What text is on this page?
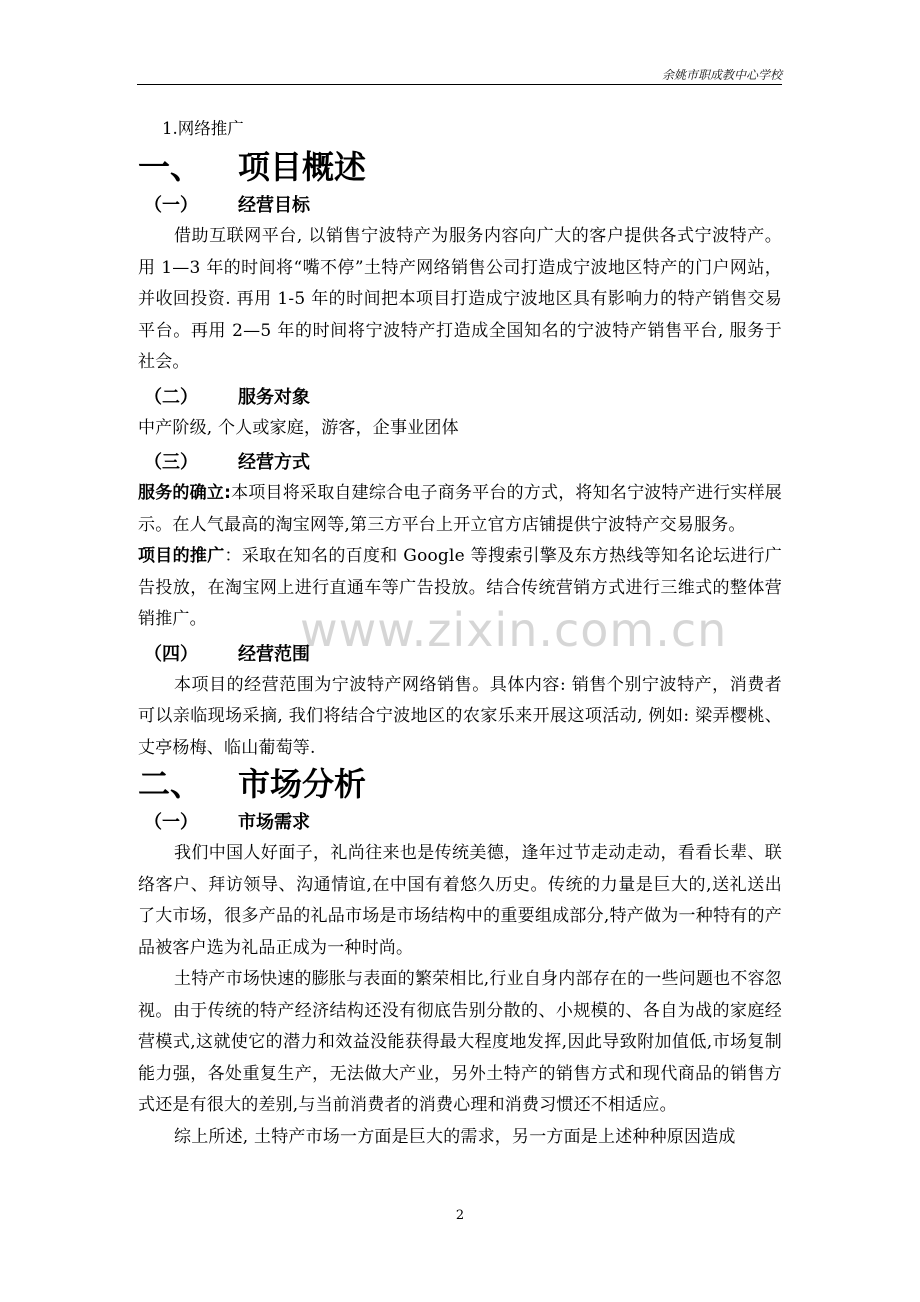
余姚市职成教中心学校
www.zixin.com.cn
1.网络推广
一、 项目概述
（一） 经营目标

借助互联网平台, 以销售宁波特产为服务内容向广大的客户提供各式宁波特产。用 1—3 年的时间将“嘴不停”土特产网络销售公司打造成宁波地区特产的门户网站，并收回投资. 再用 1-5 年的时间把本项目打造成宁波地区具有影响力的特产销售交易平台。再用 2—5 年的时间将宁波特产打造成全国知名的宁波特产销售平台, 服务于社会。

（二） 服务对象

中产阶级, 个人或家庭，游客，企事业团体

（三） 经营方式

服务的确立:本项目将采取自建综合电子商务平台的方式，将知名宁波特产进行实样展示。在人气最高的淘宝网等,第三方平台上开立官方店铺提供宁波特产交易服务。

项目的推广：采取在知名的百度和 Google 等搜索引擎及东方热线等知名论坛进行广告投放，在淘宝网上进行直通车等广告投放。结合传统营销方式进行三维式的整体营销推广。

（四） 经营范围

本项目的经营范围为宁波特产网络销售。具体内容: 销售个别宁波特产，消费者可以亲临现场采摘, 我们将结合宁波地区的农家乐来开展这项活动, 例如: 梁弄樱桃、丈亭杨梅、临山葡萄等.

二、 市场分析
（一） 市场需求

我们中国人好面子，礼尚往来也是传统美德，逢年过节走动走动，看看长辈、联络客户、拜访领导、沟通情谊,在中国有着悠久历史。传统的力量是巨大的,送礼送出了大市场，很多产品的礼品市场是市场结构中的重要组成部分,特产做为一种特有的产品被客户选为礼品正成为一种时尚。

土特产市场快速的膨胀与表面的繁荣相比,行业自身内部存在的一些问题也不容忽视。由于传统的特产经济结构还没有彻底告别分散的、小规模的、各自为战的家庭经营模式,这就使它的潜力和效益没能获得最大程度地发挥,因此导致附加值低,市场复制能力强，各处重复生产，无法做大产业，另外土特产的销售方式和现代商品的销售方式还是有很大的差别,与当前消费者的消费心理和消费习惯还不相适应。

综上所述, 土特产市场一方面是巨大的需求，另一方面是上述种种原因造成

2
